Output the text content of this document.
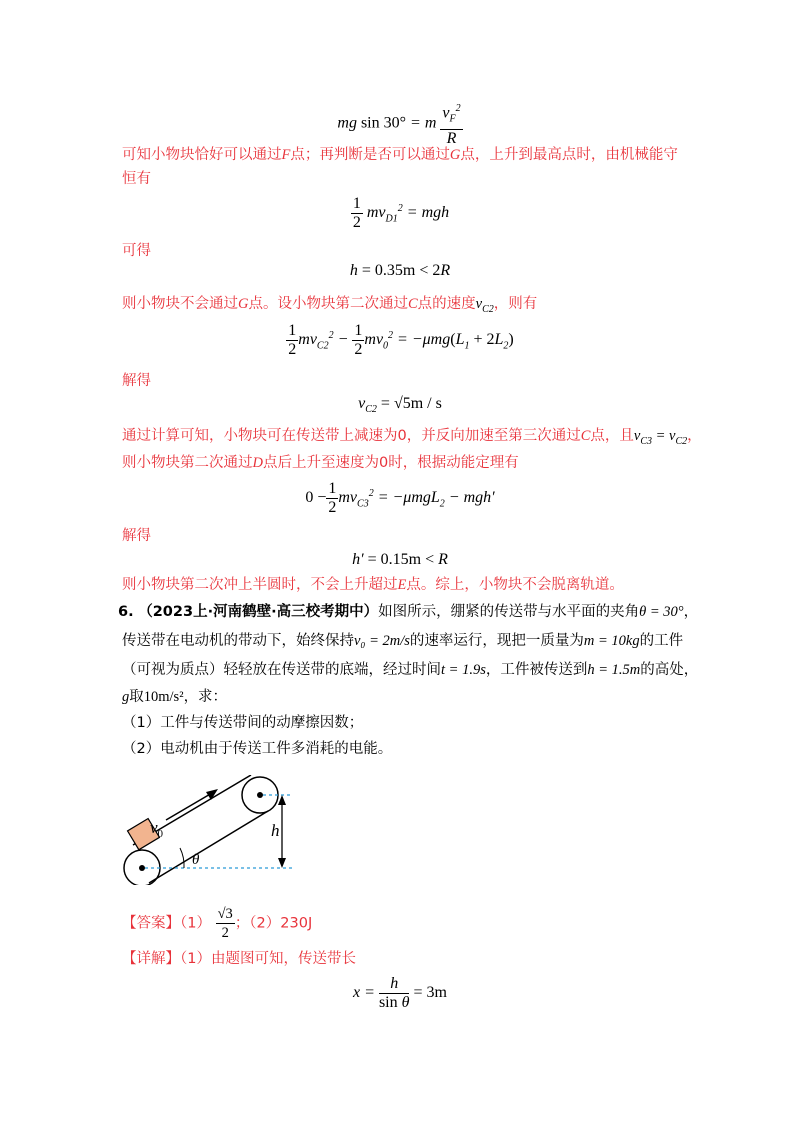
mg sin 30° = m $\frac{v_F^2}{R}$
可知小物块恰好可以通过F点；再判断是否可以通过G点，上升到最高点时，由机械能守
恒有
$\frac{1}{2} mv_{D1}^2$ = mgh
可得
h = 0.35m < 2R
则小物块不会通过G点。设小物块第二次通过C点的速度$v_{C2}$，则有
$\frac{1}{2} mv_{C2}^2 - \frac{1}{2} mv_0^2 = -\mu mg(L_1 + 2L_2)$
解得
$v_{C2} = √5m / s$
通过计算可知，小物块可在传送带上减速为0，并反向加速至第三次通过C点，且$v_{C3} = v_{C2}$，
则小物块第二次通过D点后上升至速度为0时，根据动能定理有
$0 - \frac{1}{2} mv_{C3}^2 = -\mu mgL_2 - mgh'$
解得
h′ = 0.15m < R
则小物块第二次冲上半圆时，不会上升超过E点。综上，小物块不会脱离轨道。
6. （2023上·河南鹤壁·高三校考期中）如图所示，绷紧的传送带与水平面的夹角θ = 30°，
传送带在电动机的带动下，始终保持v₀ = 2m/s的速率运行，现把一质量为m = 10kg的工件
（可视为质点）轻轻放在传送带的底端，经过时间t = 1.9s，工件被传送到h = 1.5m的高处，
g取10m/s²，求：
（1）工件与传送带间的动摩擦因数；
（2）电动机由于传送工件多消耗的电能。
$v_0$	h
θ
【答案】$(1) \frac{√3}{2}$ ；（2）230J
【详解】（1）由题图可知，传送带长
$x = \frac{h}{\text{sin θ}} = 3m$
